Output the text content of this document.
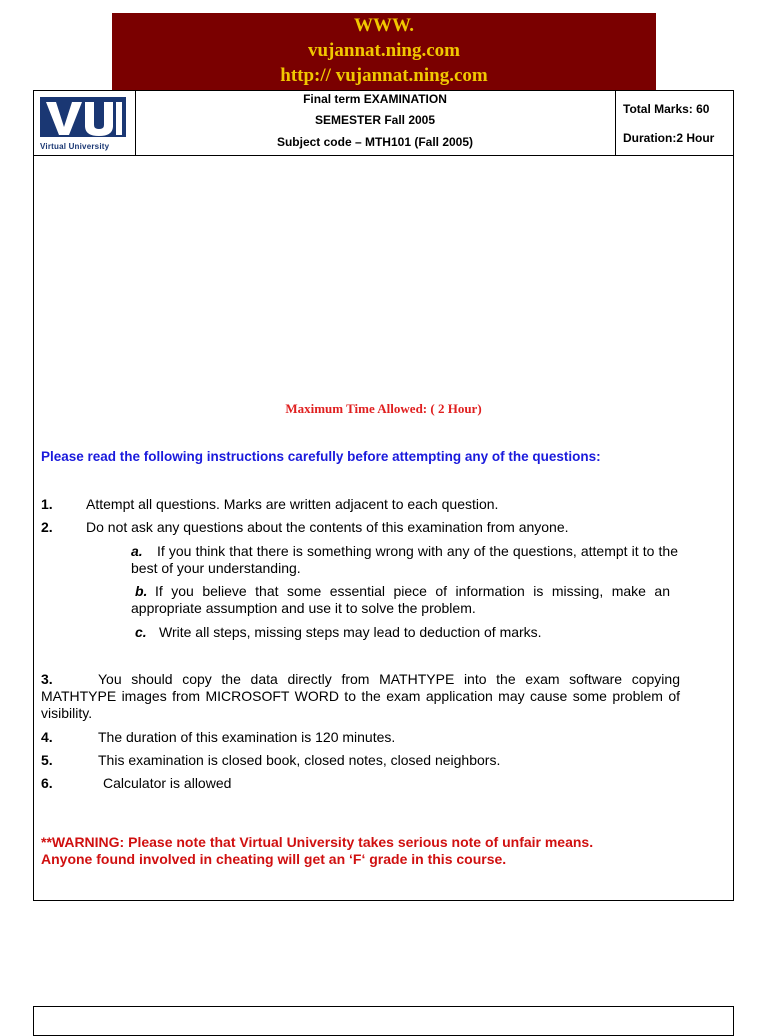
WWW.
vujannat.ning.com
http:// vujannat.ning.com
Virtual University
Final term EXAMINATION
SEMESTER Fall 2005
Subject code – MTH101 (Fall 2005)
Total Marks: 60
Duration:2 Hour
Maximum Time Allowed: ( 2 Hour)
Please read the following instructions carefully before attempting any of the questions:
1. Attempt all questions. Marks are written adjacent to each question.
2. Do not ask any questions about the contents of this examination from anyone.
a. If you think that there is something wrong with any of the questions, attempt it to the best of your understanding.
b. If you believe that some essential piece of information is missing, make an appropriate assumption and use it to solve the problem.
c. Write all steps, missing steps may lead to deduction of marks.
3.	You should copy the data directly from MATHTYPE into the exam software copying MATHTYPE images from MICROSOFT WORD to the exam application may cause some problem of visibility.
4.	The duration of this examination is 120 minutes.
5.	This examination is closed book, closed notes, closed neighbors.
6.	Calculator is allowed
**WARNING: Please note that Virtual University takes serious note of unfair means.
Anyone found involved in cheating will get an ‘F‘ grade in this course.
